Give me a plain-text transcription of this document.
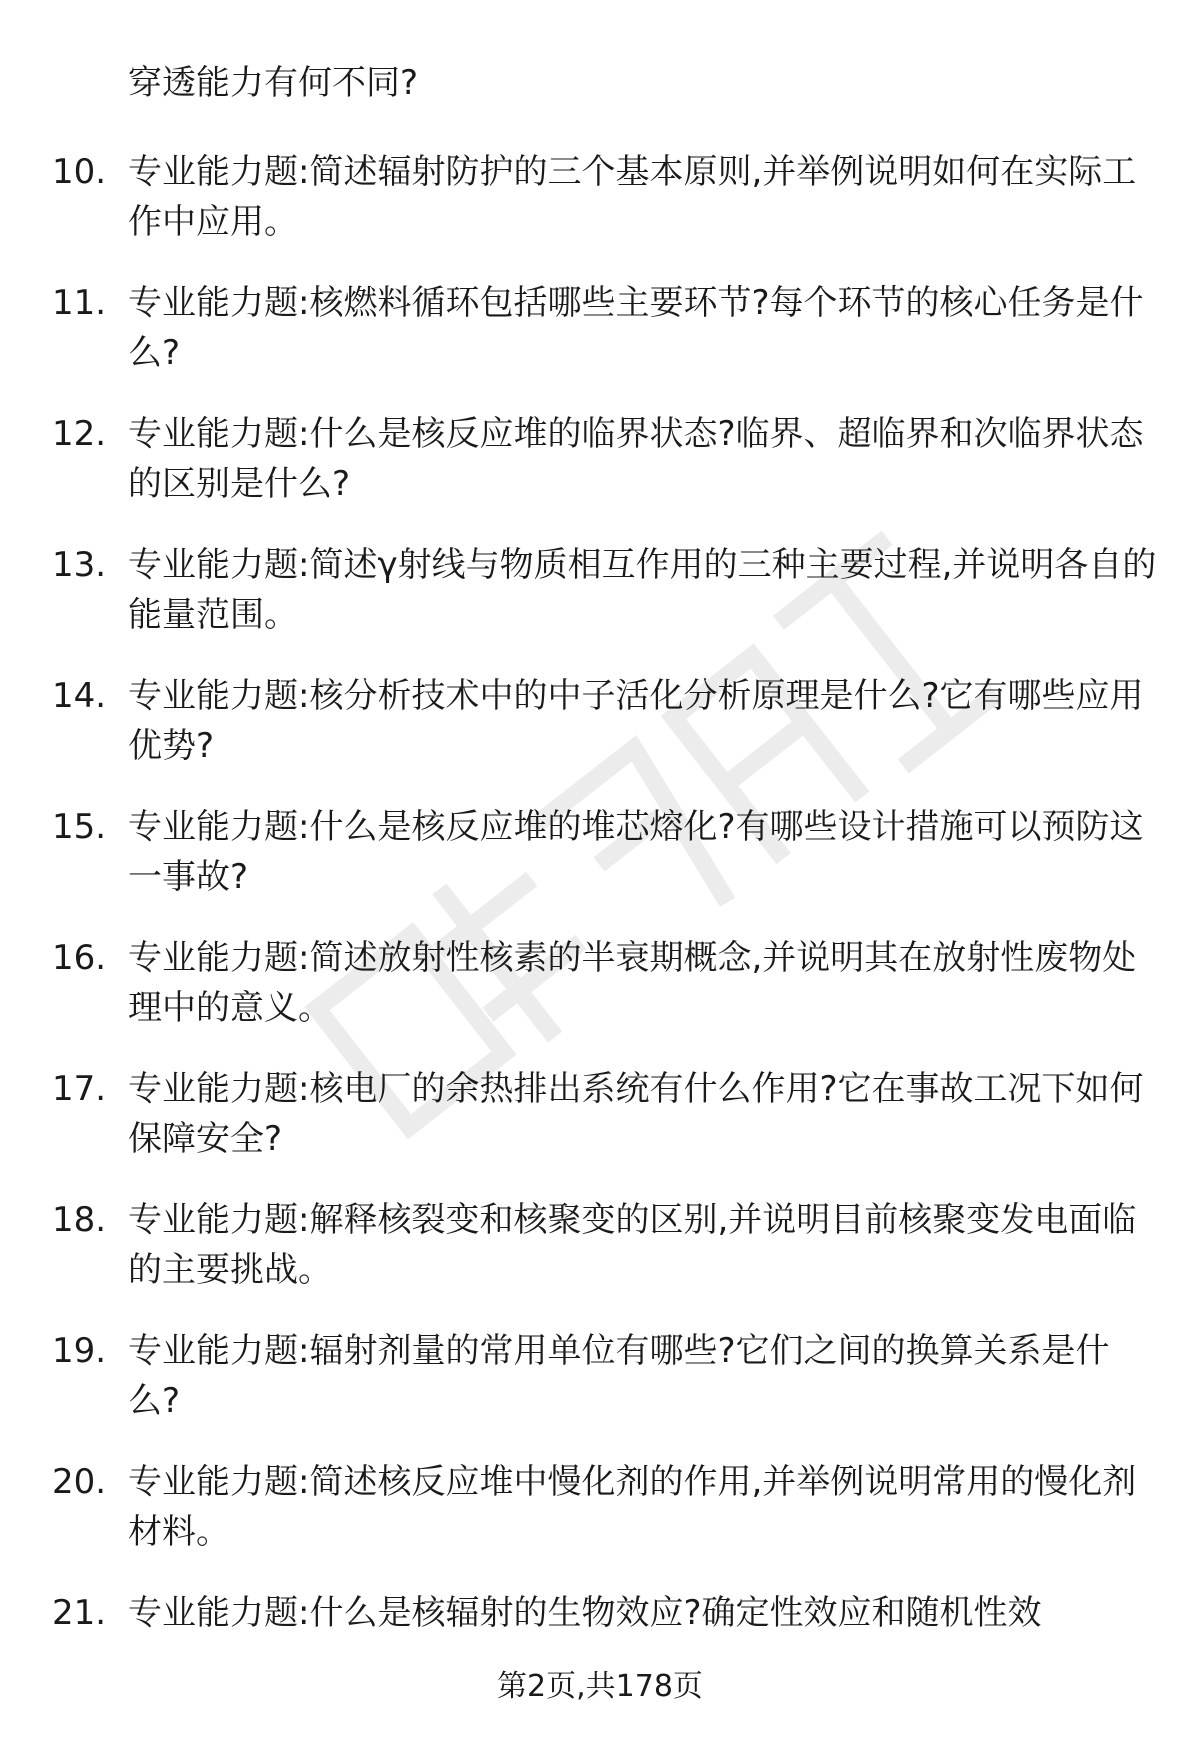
穿透能力有何不同?
10. 专业能力题:简述辐射防护的三个基本原则,并举例说明如何在实际工作中应用。
11. 专业能力题:核燃料循环包括哪些主要环节?每个环节的核心任务是什么?
12. 专业能力题:什么是核反应堆的临界状态?临界、超临界和次临界状态的区别是什么?
13. 专业能力题:简述γ射线与物质相互作用的三种主要过程,并说明各自的能量范围。
14. 专业能力题:核分析技术中的中子活化分析原理是什么?它有哪些应用优势?
15. 专业能力题:什么是核反应堆的堆芯熔化?有哪些设计措施可以预防这一事故?
16. 专业能力题:简述放射性核素的半衰期概念,并说明其在放射性废物处理中的意义。
17. 专业能力题:核电厂的余热排出系统有什么作用?它在事故工况下如何保障安全?
18. 专业能力题:解释核裂变和核聚变的区别,并说明目前核聚变发电面临的主要挑战。
19. 专业能力题:辐射剂量的常用单位有哪些?它们之间的换算关系是什么?
20. 专业能力题:简述核反应堆中慢化剂的作用,并举例说明常用的慢化剂材料。
21. 专业能力题:什么是核辐射的生物效应?确定性效应和随机性效
第2页,共178页
